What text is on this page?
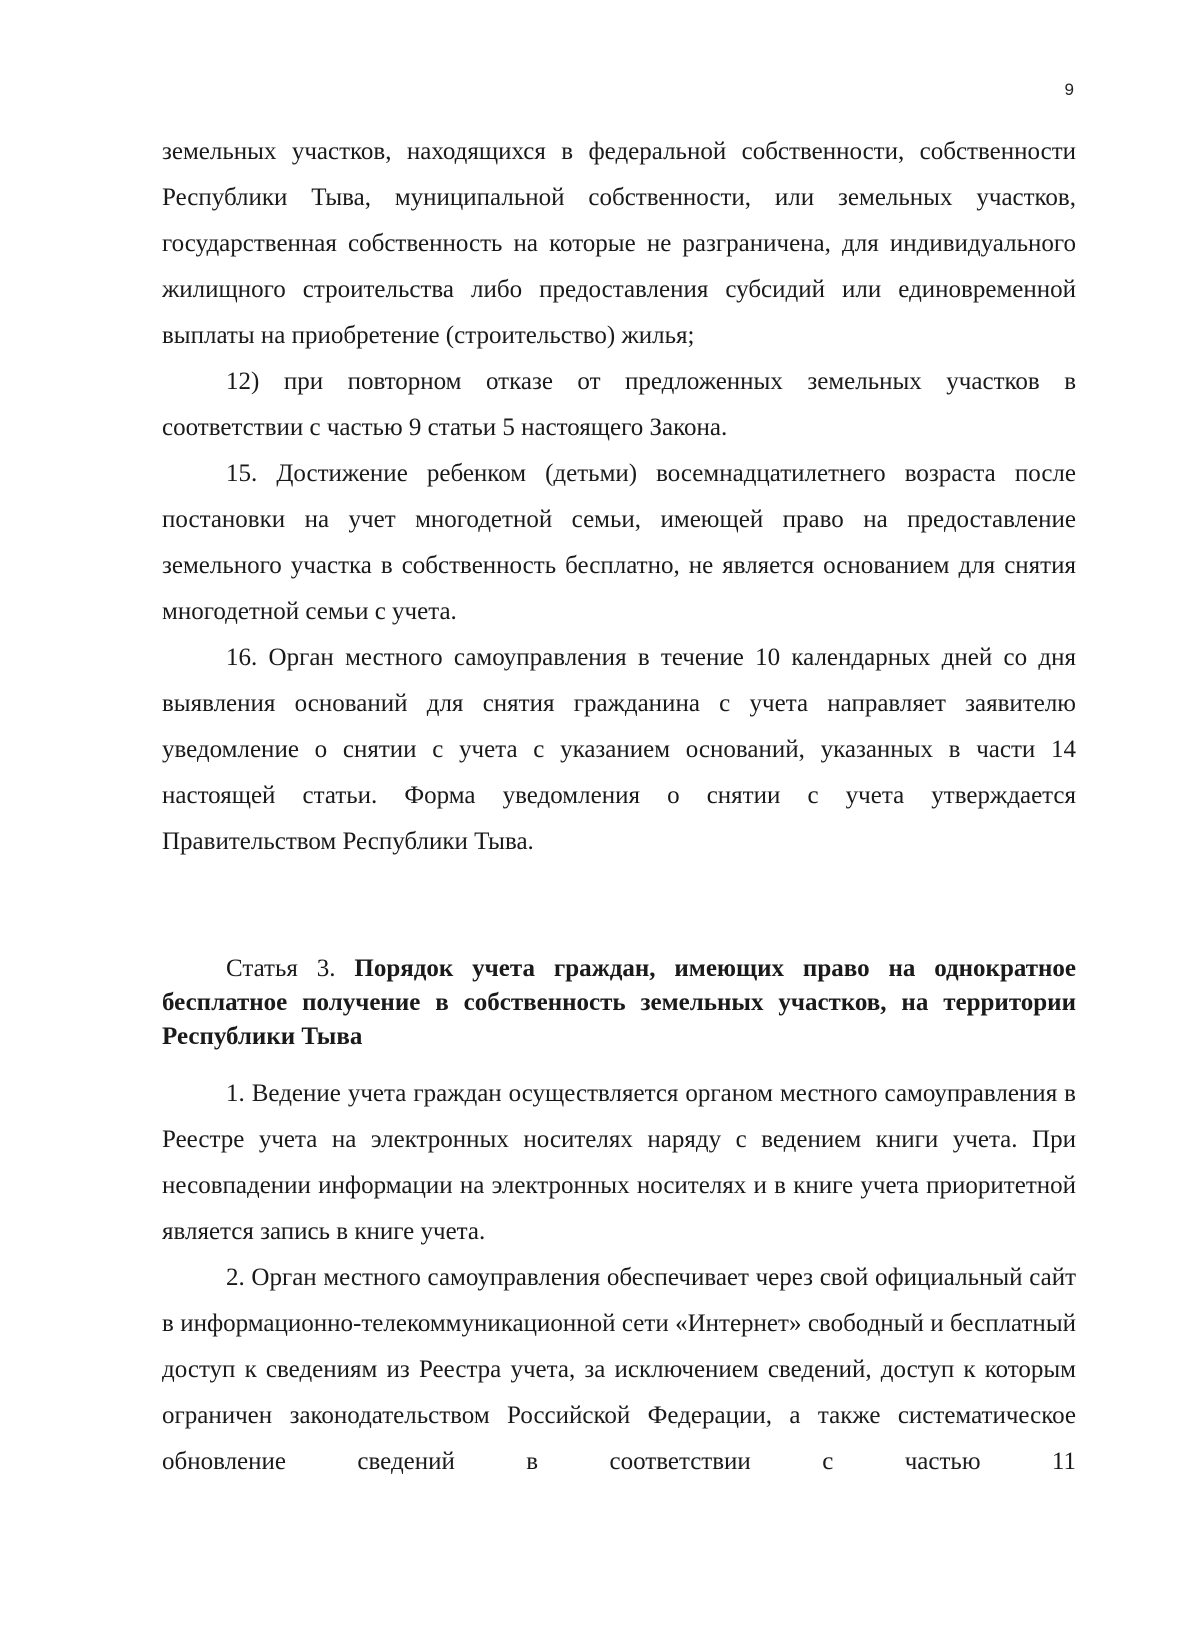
9

земельных участков, находящихся в федеральной собственности, собственности Республики Тыва, муниципальной собственности, или земельных участков, государственная собственность на которые не разграничена, для индивидуального жилищного строительства либо предоставления субсидий или единовременной выплаты на приобретение (строительство) жилья;

12) при повторном отказе от предложенных земельных участков в соответствии с частью 9 статьи 5 настоящего Закона.

15. Достижение ребенком (детьми) восемнадцатилетнего возраста после постановки на учет многодетной семьи, имеющей право на предоставление земельного участка в собственность бесплатно, не является основанием для снятия многодетной семьи с учета.

16. Орган местного самоуправления в течение 10 календарных дней со дня выявления оснований для снятия гражданина с учета направляет заявителю уведомление о снятии с учета с указанием оснований, указанных в части 14 настоящей статьи. Форма уведомления о снятии с учета утверждается Правительством Республики Тыва.

Статья 3. Порядок учета граждан, имеющих право на однократное бесплатное получение в собственность земельных участков, на территории Республики Тыва

1. Ведение учета граждан осуществляется органом местного самоуправления в Реестре учета на электронных носителях наряду с ведением книги учета. При несовпадении информации на электронных носителях и в книге учета приоритетной является запись в книге учета.

2. Орган местного самоуправления обеспечивает через свой официальный сайт в информационно-телекоммуникационной сети «Интернет» свободный и бесплатный доступ к сведениям из Реестра учета, за исключением сведений, доступ к которым ограничен законодательством Российской Федерации, а также систематическое обновление сведений в соответствии с частью 11
